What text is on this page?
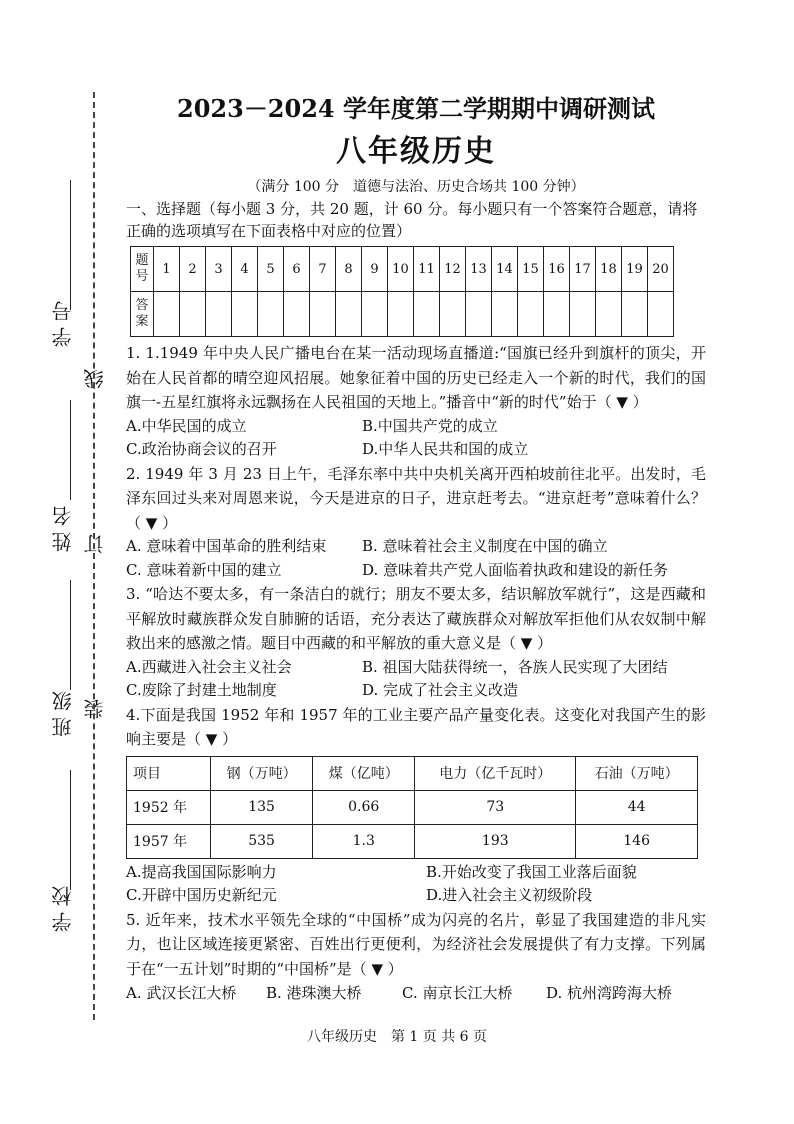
学号
姓名
班级
学校
线
订
装
2023－2024 学年度第二学期期中调研测试
八年级历史

（满分 100 分　道德与法治、历史合场共 100 分钟）

一、选择题（每小题 3 分，共 20 题，计 60 分。每小题只有一个答案符合题意，请将正确的选项填写在下面表格中对应的位置）

题号	1	2	3	4	5	6	7	8	9	10	11	12	13	14	15	16	17	18	19	20
答案																				

1. 1.1949 年中央人民广播电台在某一活动现场直播道:“国旗已经升到旗杆的顶尖，开始在人民首都的晴空迎风招展。她象征着中国的历史已经走入一个新的时代，我们的国旗一-五星红旗将永远飘扬在人民祖国的天地上。”播音中“新的时代”始于（ ▼ ）

A.中华民国的成立	B.中国共产党的成立
C.政治协商会议的召开	D.中华人民共和国的成立

2. 1949 年 3 月 23 日上午，毛泽东率中共中央机关离开西柏坡前往北平。出发时，毛泽东回过头来对周恩来说，今天是进京的日子，进京赶考去。“进京赶考”意味着什么？（ ▼ ）

A. 意味着中国革命的胜利结束	B. 意味着社会主义制度在中国的确立
C. 意味着新中国的建立	D. 意味着共产党人面临着执政和建设的新任务

3. “哈达不要太多，有一条洁白的就行；朋友不要太多，结识解放军就行”，这是西藏和平解放时藏族群众发自肺腑的话语，充分表达了藏族群众对解放军拒他们从农奴制中解救出来的感激之情。题目中西藏的和平解放的重大意义是（ ▼ ）

A.西藏进入社会主义社会	B. 祖国大陆获得统一，各族人民实现了大团结
C.废除了封建土地制度	D. 完成了社会主义改造

4.下面是我国 1952 年和 1957 年的工业主要产品产量变化表。这变化对我国产生的影响主要是（ ▼ ）

项目	钢（万吨）	煤（亿吨）	电力（亿千瓦时）	石油（万吨）
1952 年	135	0.66	73	44
1957 年	535	1.3	193	146
A.提高我国国际影响力	B.开始改变了我国工业落后面貌
C.开辟中国历史新纪元	D.进入社会主义初级阶段

5. 近年来，技术水平领先全球的“中国桥”成为闪亮的名片，彰显了我国建造的非凡实力，也让区域连接更紧密、百姓出行更便利，为经济社会发展提供了有力支撑。下列属于在“一五计划”时期的“中国桥”是（ ▼ ）

A. 武汉长江大桥	B. 港珠澳大桥	C. 南京长江大桥	D. 杭州湾跨海大桥
八年级历史　第 1 页 共 6 页
